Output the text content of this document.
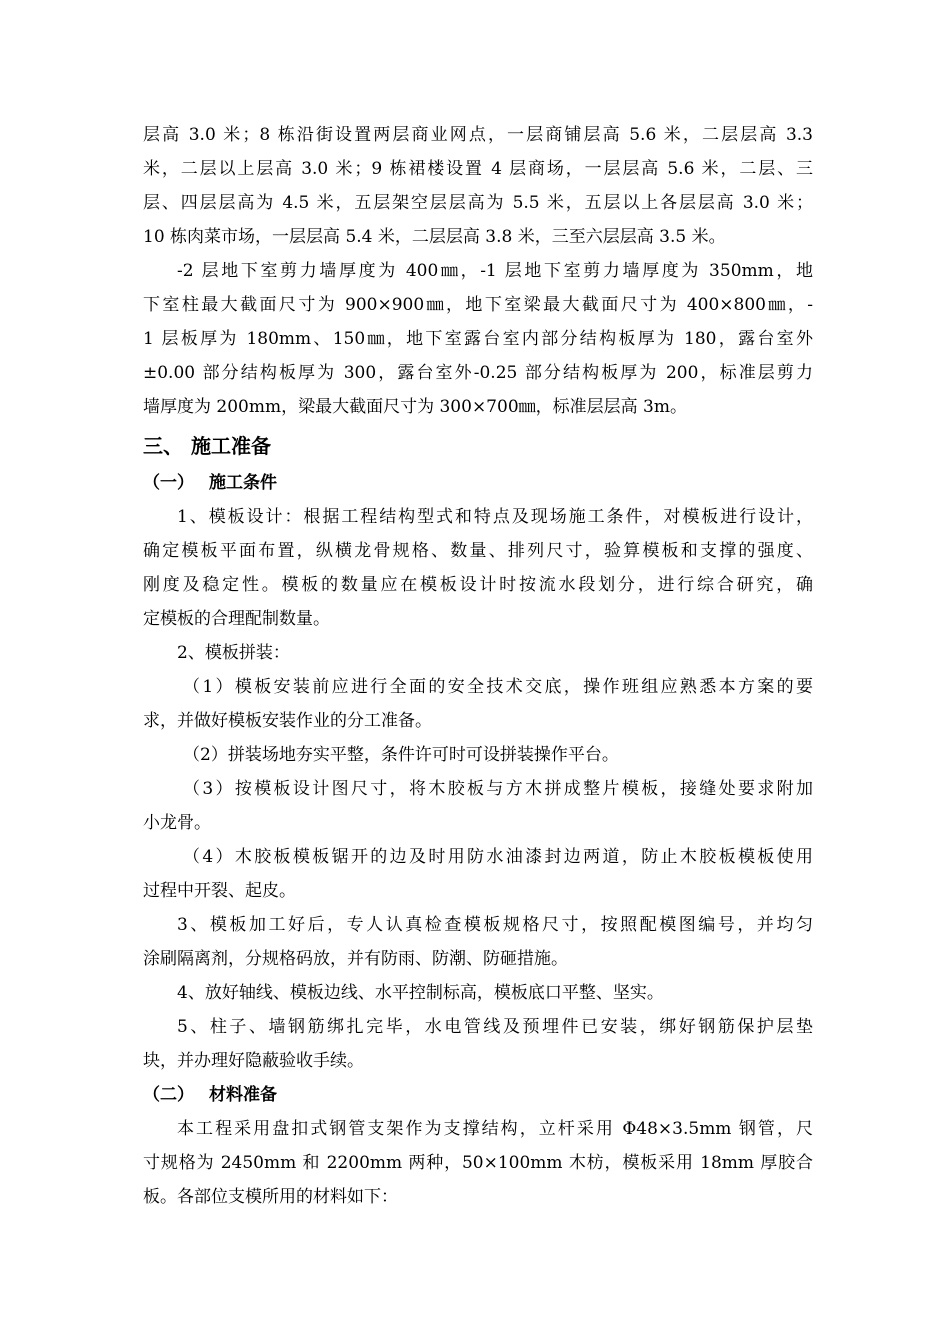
层高 3.0 米；8 栋沿街设置两层商业网点，一层商铺层高 5.6 米，二层层高 3.3
米，二层以上层高 3.0 米；9 栋裙楼设置 4 层商场，一层层高 5.6 米，二层、三
层、四层层高为 4.5 米，五层架空层层高为 5.5 米，五层以上各层层高 3.0 米；
10 栋肉菜市场，一层层高 5.4 米，二层层高 3.8 米，三至六层层高 3.5 米。
-2 层地下室剪力墙厚度为 400㎜，-1 层地下室剪力墙厚度为 350mm，地
下室柱最大截面尺寸为 900×900㎜，地下室梁最大截面尺寸为 400×800㎜，-
1 层板厚为 180mm、150㎜，地下室露台室内部分结构板厚为 180，露台室外
±0.00 部分结构板厚为 300，露台室外-0.25 部分结构板厚为 200，标准层剪力
墙厚度为 200mm，梁最大截面尺寸为 300×700㎜，标准层层高 3m。
三、 施工准备
（一） 施工条件
1、模板设计：根据工程结构型式和特点及现场施工条件，对模板进行设计，
确定模板平面布置，纵横龙骨规格、数量、排列尺寸，验算模板和支撑的强度、
刚度及稳定性。模板的数量应在模板设计时按流水段划分，进行综合研究，确
定模板的合理配制数量。
2、模板拼装：
（1）模板安装前应进行全面的安全技术交底，操作班组应熟悉本方案的要
求，并做好模板安装作业的分工准备。
（2）拼装场地夯实平整，条件许可时可设拼装操作平台。
（3）按模板设计图尺寸，将木胶板与方木拼成整片模板，接缝处要求附加
小龙骨。
（4）木胶板模板锯开的边及时用防水油漆封边两道，防止木胶板模板使用
过程中开裂、起皮。
3、模板加工好后，专人认真检查模板规格尺寸，按照配模图编号，并均匀
涂刷隔离剂，分规格码放，并有防雨、防潮、防砸措施。
4、放好轴线、模板边线、水平控制标高，模板底口平整、坚实。
5、柱子、墙钢筋绑扎完毕，水电管线及预埋件已安装，绑好钢筋保护层垫
块，并办理好隐蔽验收手续。
（二） 材料准备
本工程采用盘扣式钢管支架作为支撑结构，立杆采用 Φ48×3.5mm 钢管，尺
寸规格为 2450mm 和 2200mm 两种，50×100mm 木枋，模板采用 18mm 厚胶合
板。各部位支模所用的材料如下：
